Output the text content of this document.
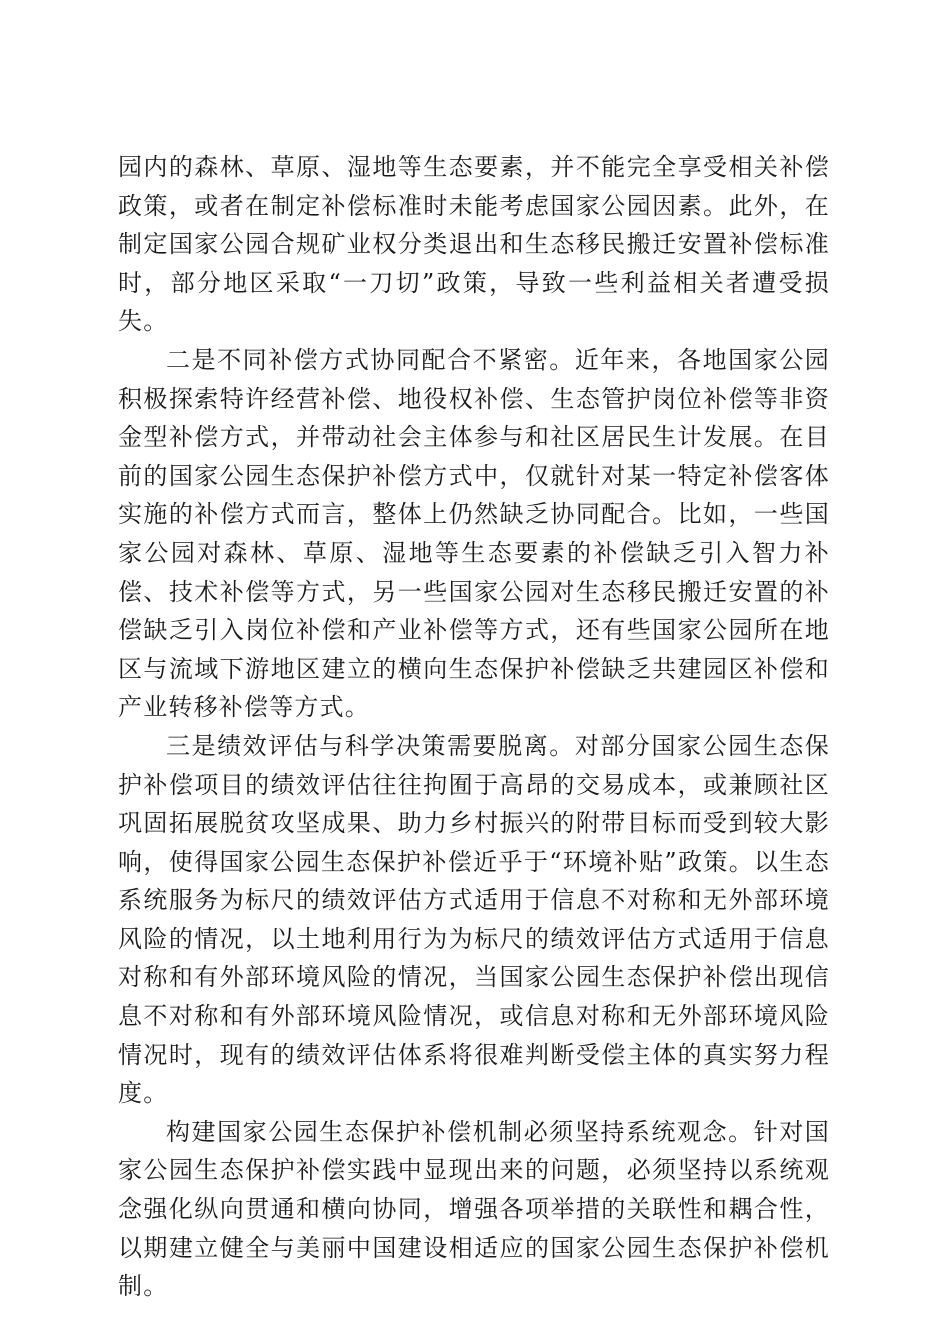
园内的森林、草原、湿地等生态要素，并不能完全享受相关补偿政策，或者在制定补偿标准时未能考虑国家公园因素。此外，在制定国家公园合规矿业权分类退出和生态移民搬迁安置补偿标准时，部分地区采取“一刀切”政策，导致一些利益相关者遭受损失。

二是不同补偿方式协同配合不紧密。近年来，各地国家公园积极探索特许经营补偿、地役权补偿、生态管护岗位补偿等非资金型补偿方式，并带动社会主体参与和社区居民生计发展。在目前的国家公园生态保护补偿方式中，仅就针对某一特定补偿客体实施的补偿方式而言，整体上仍然缺乏协同配合。比如，一些国家公园对森林、草原、湿地等生态要素的补偿缺乏引入智力补偿、技术补偿等方式，另一些国家公园对生态移民搬迁安置的补偿缺乏引入岗位补偿和产业补偿等方式，还有些国家公园所在地区与流域下游地区建立的横向生态保护补偿缺乏共建园区补偿和产业转移补偿等方式。

三是绩效评估与科学决策需要脱离。对部分国家公园生态保护补偿项目的绩效评估往往拘囿于高昂的交易成本，或兼顾社区巩固拓展脱贫攻坚成果、助力乡村振兴的附带目标而受到较大影响，使得国家公园生态保护补偿近乎于“环境补贴”政策。以生态系统服务为标尺的绩效评估方式适用于信息不对称和无外部环境风险的情况，以土地利用行为为标尺的绩效评估方式适用于信息对称和有外部环境风险的情况，当国家公园生态保护补偿出现信息不对称和有外部环境风险情况，或信息对称和无外部环境风险情况时，现有的绩效评估体系将很难判断受偿主体的真实努力程度。

构建国家公园生态保护补偿机制必须坚持系统观念。针对国家公园生态保护补偿实践中显现出来的问题，必须坚持以系统观念强化纵向贯通和横向协同，增强各项举措的关联性和耦合性，以期建立健全与美丽中国建设相适应的国家公园生态保护补偿机制。
